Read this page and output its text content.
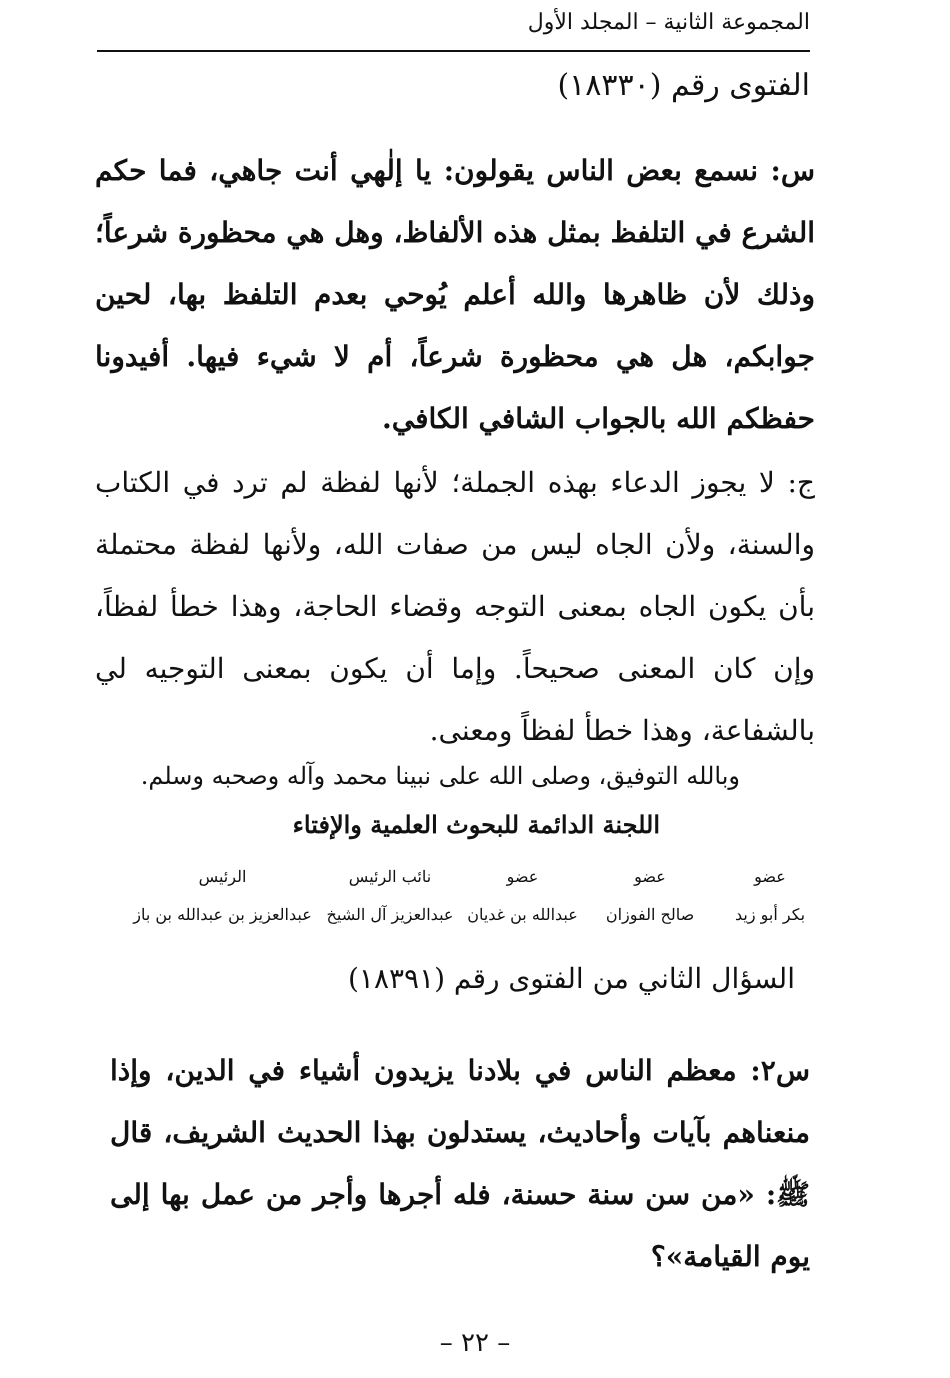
المجموعة الثانية – المجلد الأول
الفتوى رقم (١٨٣٣٠)
س: نسمع بعض الناس يقولون: يا إلٰهي أنت جاهي، فما حكم الشرع في التلفظ بمثل هذه الألفاظ، وهل هي محظورة شرعاً؛ وذلك لأن ظاهرها والله أعلم يُوحي بعدم التلفظ بها، لحين جوابكم، هل هي محظورة شرعاً، أم لا شيء فيها. أفيدونا حفظكم الله بالجواب الشافي الكافي.
ج: لا يجوز الدعاء بهذه الجملة؛ لأنها لفظة لم ترد في الكتاب والسنة، ولأن الجاه ليس من صفات الله، ولأنها لفظة محتملة بأن يكون الجاه بمعنى التوجه وقضاء الحاجة، وهذا خطأ لفظاً، وإن كان المعنى صحيحاً. وإما أن يكون بمعنى التوجيه لي بالشفاعة، وهذا خطأ لفظاً ومعنى.
وبالله التوفيق، وصلى الله على نبينا محمد وآله وصحبه وسلم.
اللجنة الدائمة للبحوث العلمية والإفتاء
عضو
بكر أبو زيد
عضو
صالح الفوزان
عضو
عبدالله بن غديان
نائب الرئيس
عبدالعزيز آل الشيخ
الرئيس
عبدالعزيز بن عبدالله بن باز
السؤال الثاني من الفتوى رقم (١٨٣٩١)
س٢: معظم الناس في بلادنا يزيدون أشياء في الدين، وإذا منعناهم بآيات وأحاديث، يستدلون بهذا الحديث الشريف، قال ﷺ: «من سن سنة حسنة، فله أجرها وأجر من عمل بها إلى يوم القيامة»؟
– ٢٢ –
